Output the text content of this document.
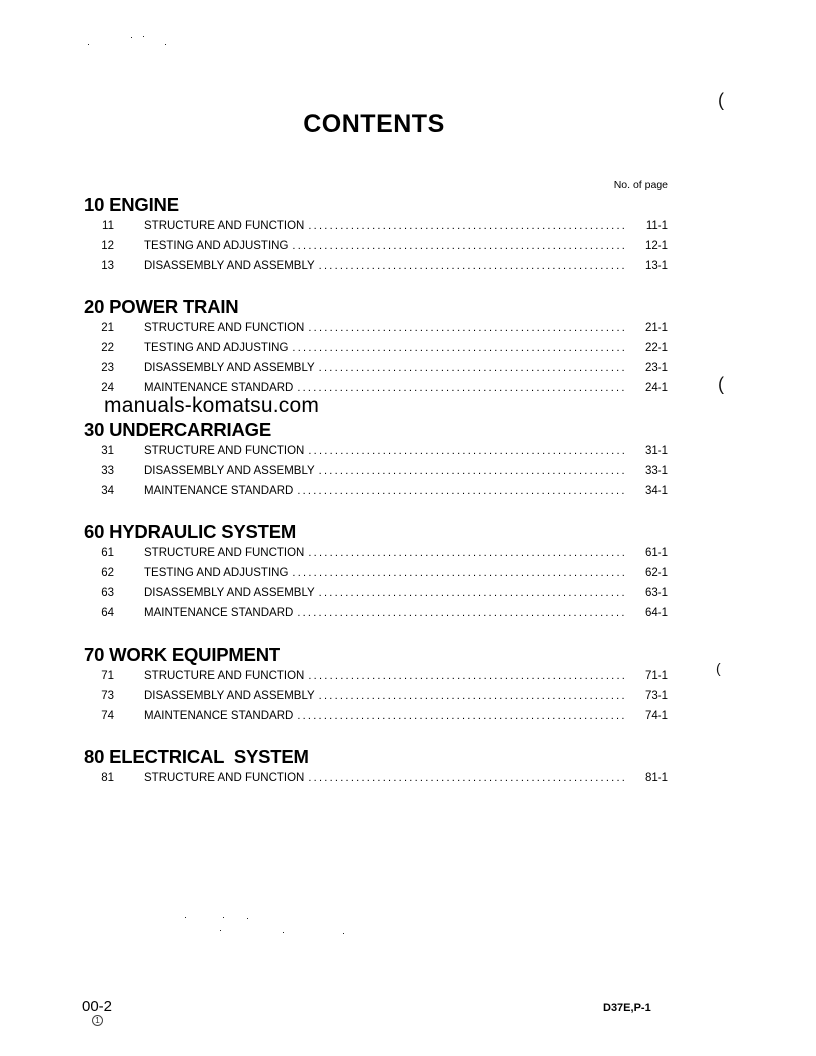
(
(
(
CONTENTS
No. of page
10 ENGINE
11	STRUCTURE AND FUNCTION . . .	11-1
12	TESTING AND ADJUSTING . . .	12-1
13	DISASSEMBLY AND ASSEMBLY . . .	13-1
20 POWER TRAIN
21	STRUCTURE AND FUNCTION . . .	21-1
22	TESTING AND ADJUSTING . . .	22-1
23	DISASSEMBLY AND ASSEMBLY . . .	23-1
24	MAINTENANCE STANDARD . . .	24-1
manuals-komatsu.com
30 UNDERCARRIAGE
31	STRUCTURE AND FUNCTION . . .	31-1
33	DISASSEMBLY AND ASSEMBLY . . .	33-1
34	MAINTENANCE STANDARD . . .	34-1
60 HYDRAULIC SYSTEM
61	STRUCTURE AND FUNCTION . . .	61-1
62	TESTING AND ADJUSTING . . .	62-1
63	DISASSEMBLY AND ASSEMBLY . . .	63-1
64	MAINTENANCE STANDARD . . .	64-1
70 WORK EQUIPMENT
71	STRUCTURE AND FUNCTION . . .	71-1
73	DISASSEMBLY AND ASSEMBLY . . .	73-1
74	MAINTENANCE STANDARD . . .	74-1
80 ELECTRICAL  SYSTEM
81	STRUCTURE AND FUNCTION . . .	81-1
00-2
1
D37E,P-1
